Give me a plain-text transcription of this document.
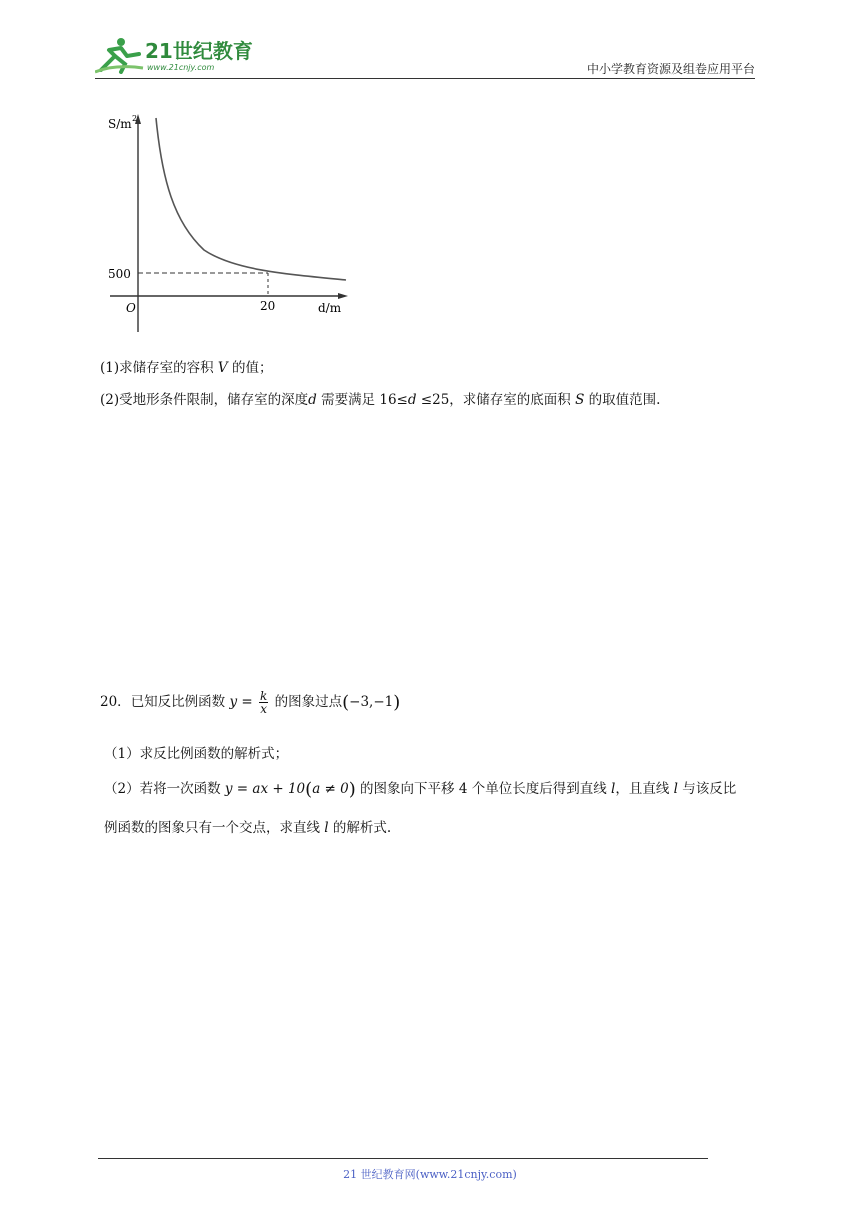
21世纪教育
www.21cnjy.com	中小学教育资源及组卷应用平台
S/m 2
500
O	20	d/m
(1)求储存室的容积 V 的值；
(2)受地形条件限制，储存室的深度d 需要满足 16≤d ≤25，求储存室的底面积 S 的取值范围.
20．已知反比例函数 $y = \frac{k}{x}$ 的图象过点(−3,−1)
（1）求反比例函数的解析式；
（2）若将一次函数 y = ax + 10(a ≠ 0) 的图象向下平移 4 个单位长度后得到直线 l，且直线 l 与该反比
例函数的图象只有一个交点，求直线 l 的解析式.
21 世纪教育网(www.21cnjy.com)
